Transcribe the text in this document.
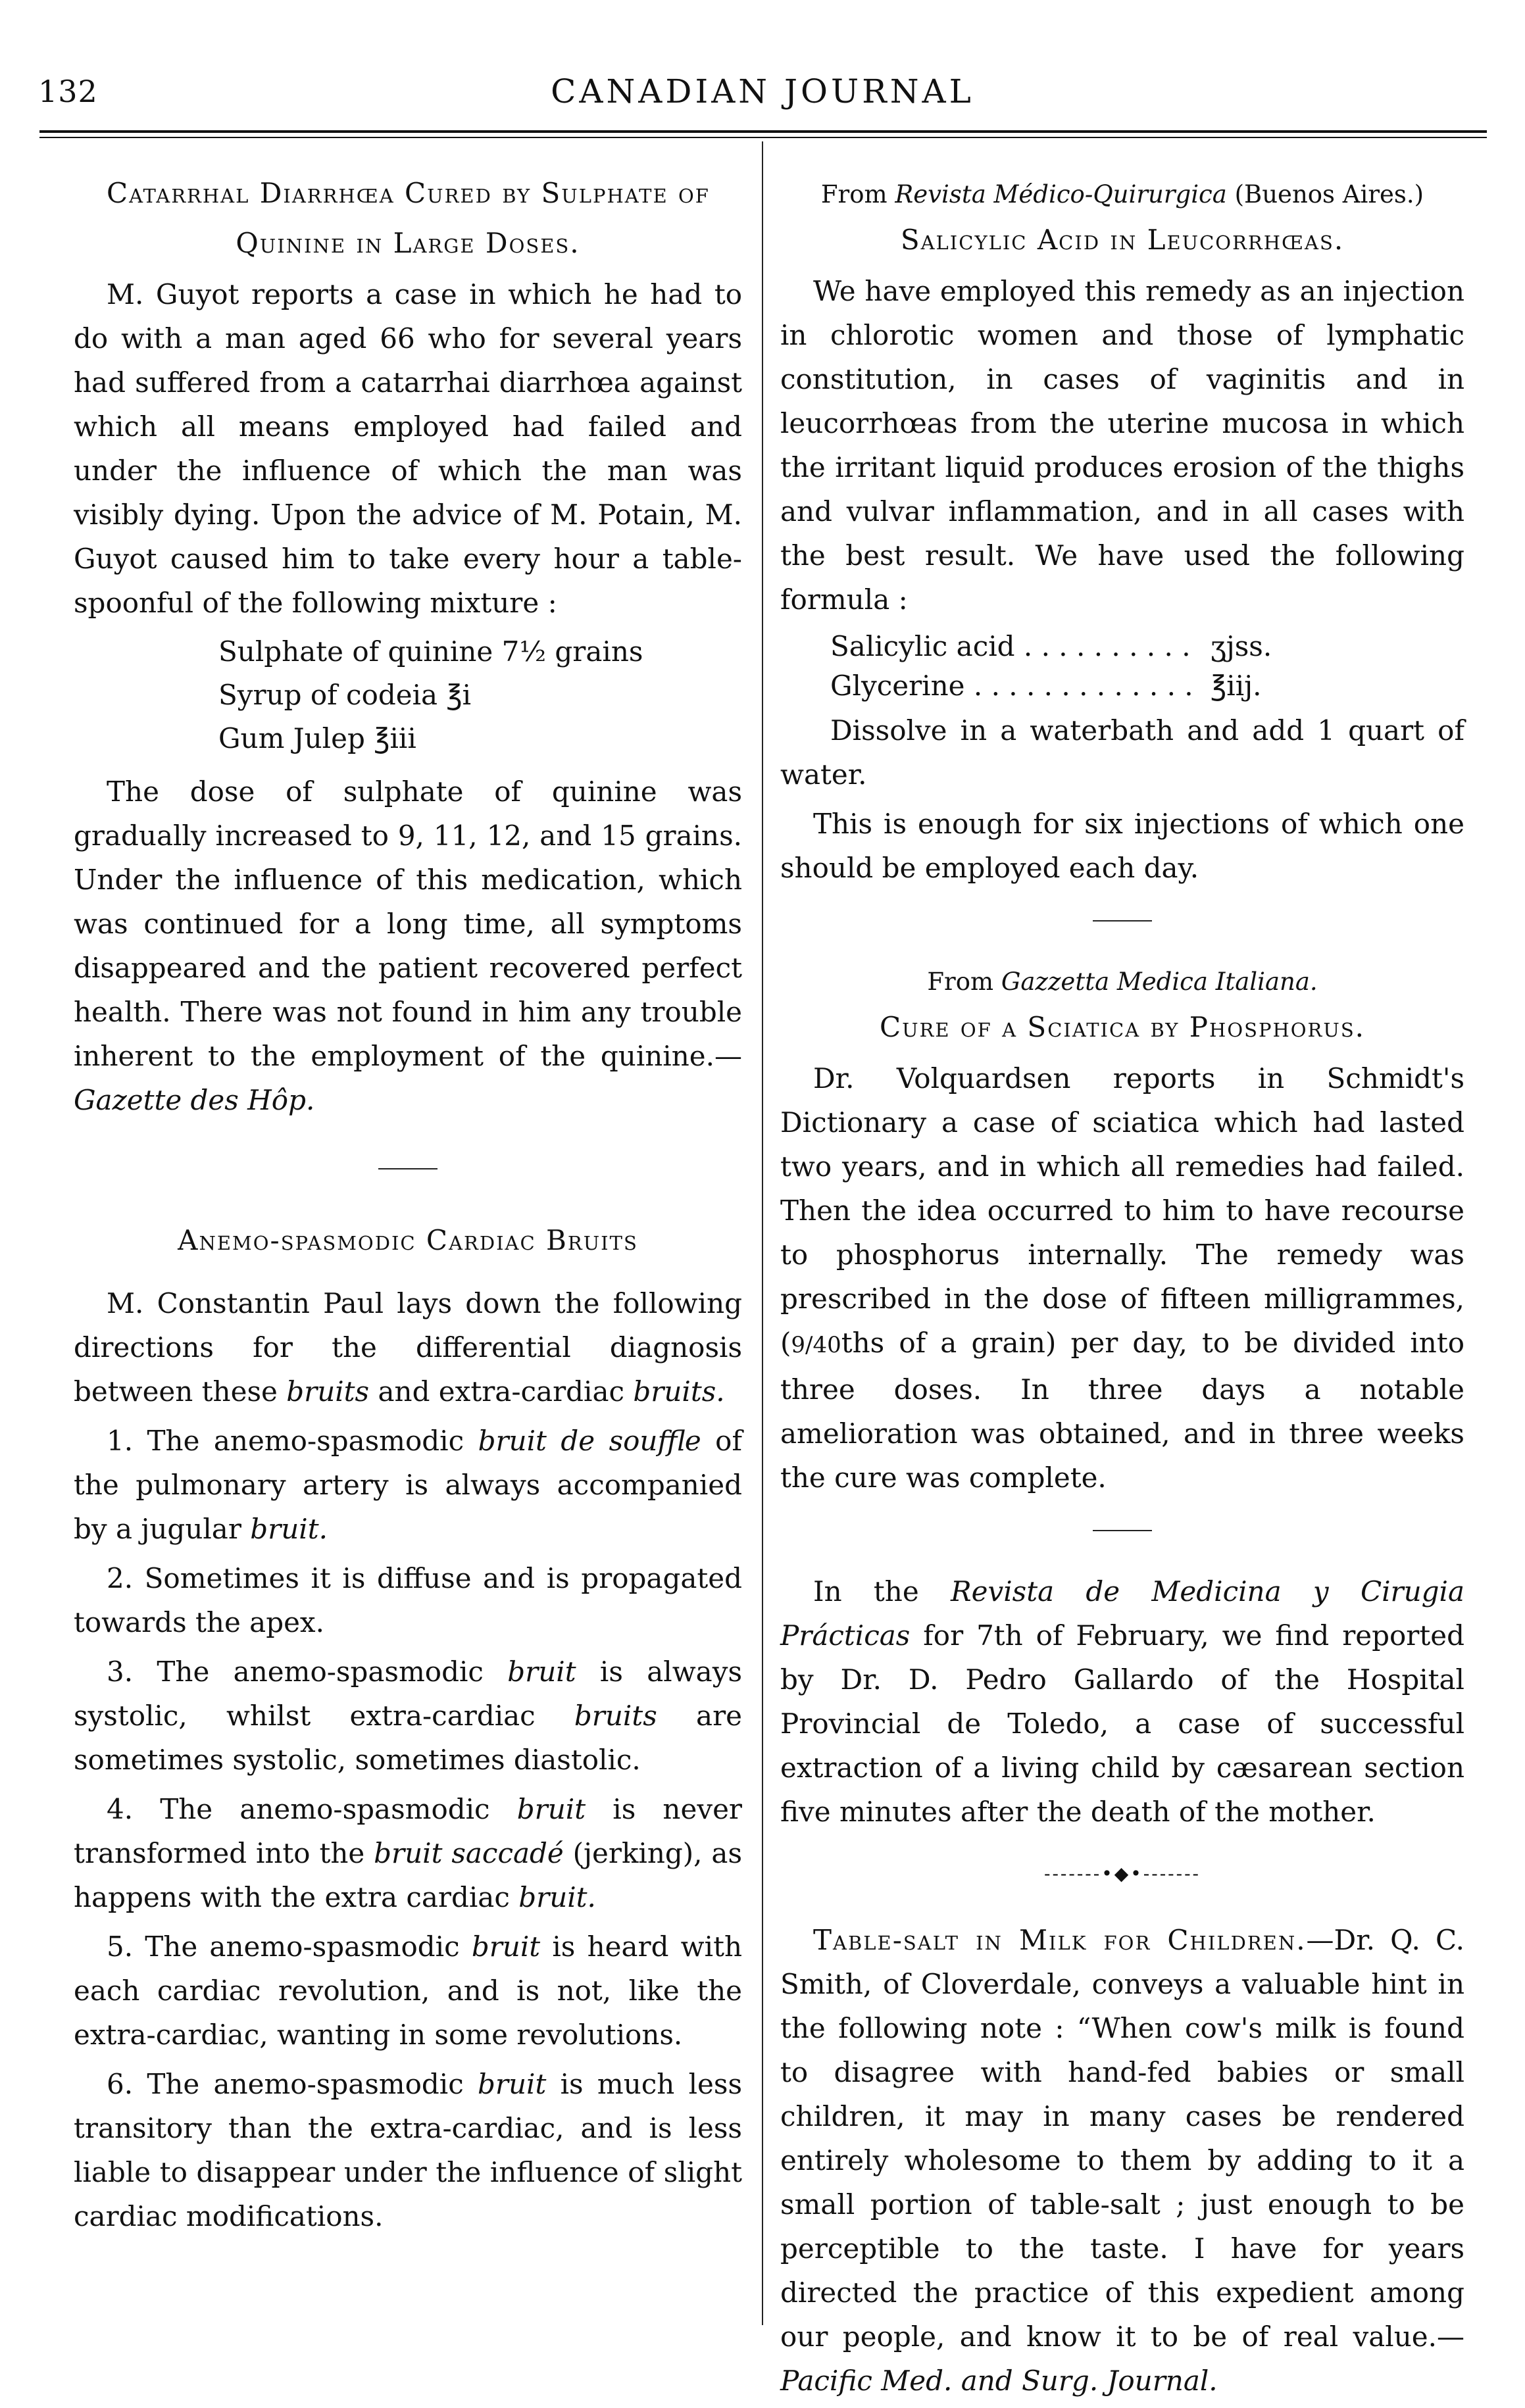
132	CANADIAN JOURNAL

Catarrhal Diarrhœa Cured by Sulphate of

Quinine in Large Doses.

M. Guyot reports a case in which he had to do with a man aged 66 who for several years had suffered from a catarrhai diarrhœa against which all means employed had failed and under the influence of which the man was visibly dying. Upon the advice of M. Potain, M. Guyot caused him to take every hour a table-spoonful of the following mixture :

Sulphate of quinine 7½ grains
Syrup of codeia ℥i
Gum Julep ℥iii

The dose of sulphate of quinine was gradually increased to 9, 11, 12, and 15 grains. Under the influence of this medication, which was continued for a long time, all symptoms disappeared and the patient recovered perfect health. There was not found in him any trouble inherent to the employment of the quinine.—Gazette des Hôp.

Anemo-spasmodic Cardiac Bruits

M. Constantin Paul lays down the following directions for the differential diagnosis between these bruits and extra-cardiac bruits.

1. The anemo-spasmodic bruit de souffle of the pulmonary artery is always accompanied by a jugular bruit.

2. Sometimes it is diffuse and is propagated towards the apex.

3. The anemo-spasmodic bruit is always systolic, whilst extra-cardiac bruits are sometimes systolic, sometimes diastolic.

4. The anemo-spasmodic bruit is never transformed into the bruit saccadé (jerking), as happens with the extra cardiac bruit.

5. The anemo-spasmodic bruit is heard with each cardiac revolution, and is not, like the extra-cardiac, wanting in some revolutions.

6. The anemo-spasmodic bruit is much less transitory than the extra-cardiac, and is less liable to disappear under the influence of slight cardiac modifications.

From Revista Médico-Quirurgica (Buenos Aires.)

Salicylic Acid in Leucorrhœas.

We have employed this remedy as an injection in chlorotic women and those of lymphatic constitution, in cases of vaginitis and in leucorrhœas from the uterine mucosa in which the irritant liquid produces erosion of the thighs and vulvar inflammation, and in all cases with the best result. We have used the following formula :

Salicylic acid . . .	ʒjss.
Glycerine . . .	℥iij.

Dissolve in a waterbath and add 1 quart of water.

This is enough for six injections of which one should be employed each day.

From Gazzetta Medica Italiana.

Cure of a Sciatica by Phosphorus.

Dr. Volquardsen reports in Schmidt's Dictionary a case of sciatica which had lasted two years, and in which all remedies had failed. Then the idea occurred to him to have recourse to phosphorus internally. The remedy was prescribed in the dose of fifteen milligrammes, (9/40ths of a grain) per day, to be divided into three doses. In three days a notable amelioration was obtained, and in three weeks the cure was complete.

In the Revista de Medicina y Cirugia Prácticas for 7th of February, we find reported by Dr. D. Pedro Gallardo of the Hospital Provincial de Toledo, a case of successful extraction of a living child by cæsarean section five minutes after the death of the mother.

-------•◆•-------

Table-salt in Milk for Children.—Dr. Q. C. Smith, of Cloverdale, conveys a valuable hint in the following note : “When cow's milk is found to disagree with hand-fed babies or small children, it may in many cases be rendered entirely wholesome to them by adding to it a small portion of table-salt ; just enough to be perceptible to the taste. I have for years directed the practice of this expedient among our people, and know it to be of real value.—Pacific Med. and Surg. Journal.
